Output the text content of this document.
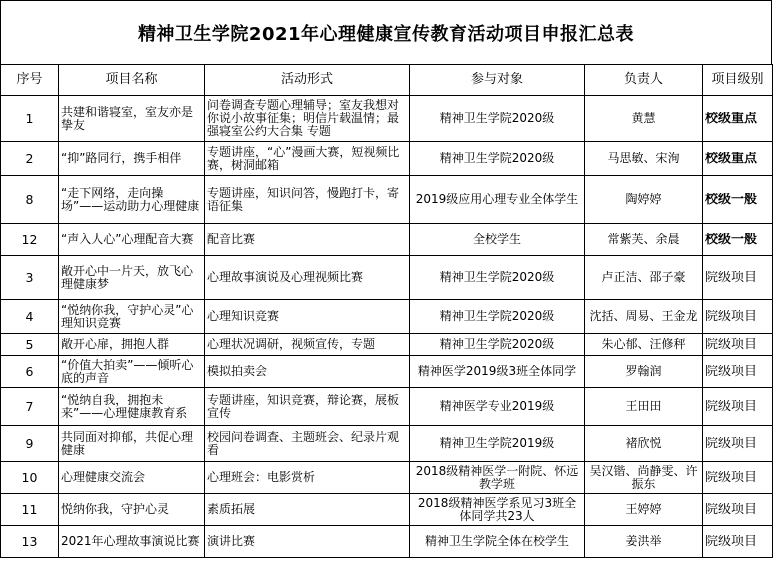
精神卫生学院2021年心理健康宣传教育活动项目申报汇总表
序号	项目名称	活动形式	参与对象	负责人	项目级别

1	共建和谐寝室，室友亦是挚友	问卷调查专题心理辅导；室友我想对你说小故事征集；明信片载温情；最强寝室公约大合集 专题	精神卫生学院2020级	黄慧	校级重点

2	“抑”路同行，携手相伴	专题讲座，“心”漫画大赛，短视频比赛，树洞邮箱	精神卫生学院2020级	马思敏、宋洵	校级重点

8	“走下网络，走向操场”——运动助力心理健康	专题讲座，知识问答，慢跑打卡，寄语征集	2019级应用心理专业全体学生	陶婷婷	校级一般

12	“声入人心”心理配音大赛	配音比赛	全校学生	常紫芙、余晨	校级一般

3	敞开心中一片天，放飞心理健康梦	心理故事演说及心理视频比赛	精神卫生学院2020级	卢正洁、邵子豪	院级项目

4	“悦纳你我，守护心灵”心理知识竞赛	心理知识竞赛	精神卫生学院2020级	沈括、周易、王金龙	院级项目

5	敞开心扉，拥抱人群	心理状况调研，视频宣传，专题	精神卫生学院2020级	朱心郁、汪修秤	院级项目

6	“价值大拍卖”——倾听心底的声音	模拟拍卖会	精神医学2019级3班全体同学	罗翰润	院级项目

7	“悦纳自我，拥抱未来”——心理健康教育系	专题讲座，知识竞赛，辩论赛，展板宣传	精神医学专业2019级	王田田	院级项目

9	共同面对抑郁，共促心理健康	校园问卷调查、主题班会、纪录片观看	精神卫生学院2019级	褚欣悦	院级项目

10	心理健康交流会	心理班会：电影赏析	2018级精神医学一附院、怀远教学班	吴汉锴、尚静雯、许振东	院级项目

11	悦纳你我，守护心灵	素质拓展	2018级精神医学系见习3班全体同学共23人	王婷婷	院级项目

13	2021年心理故事演说比赛	演讲比赛	精神卫生学院全体在校学生	姜洪举	院级项目
